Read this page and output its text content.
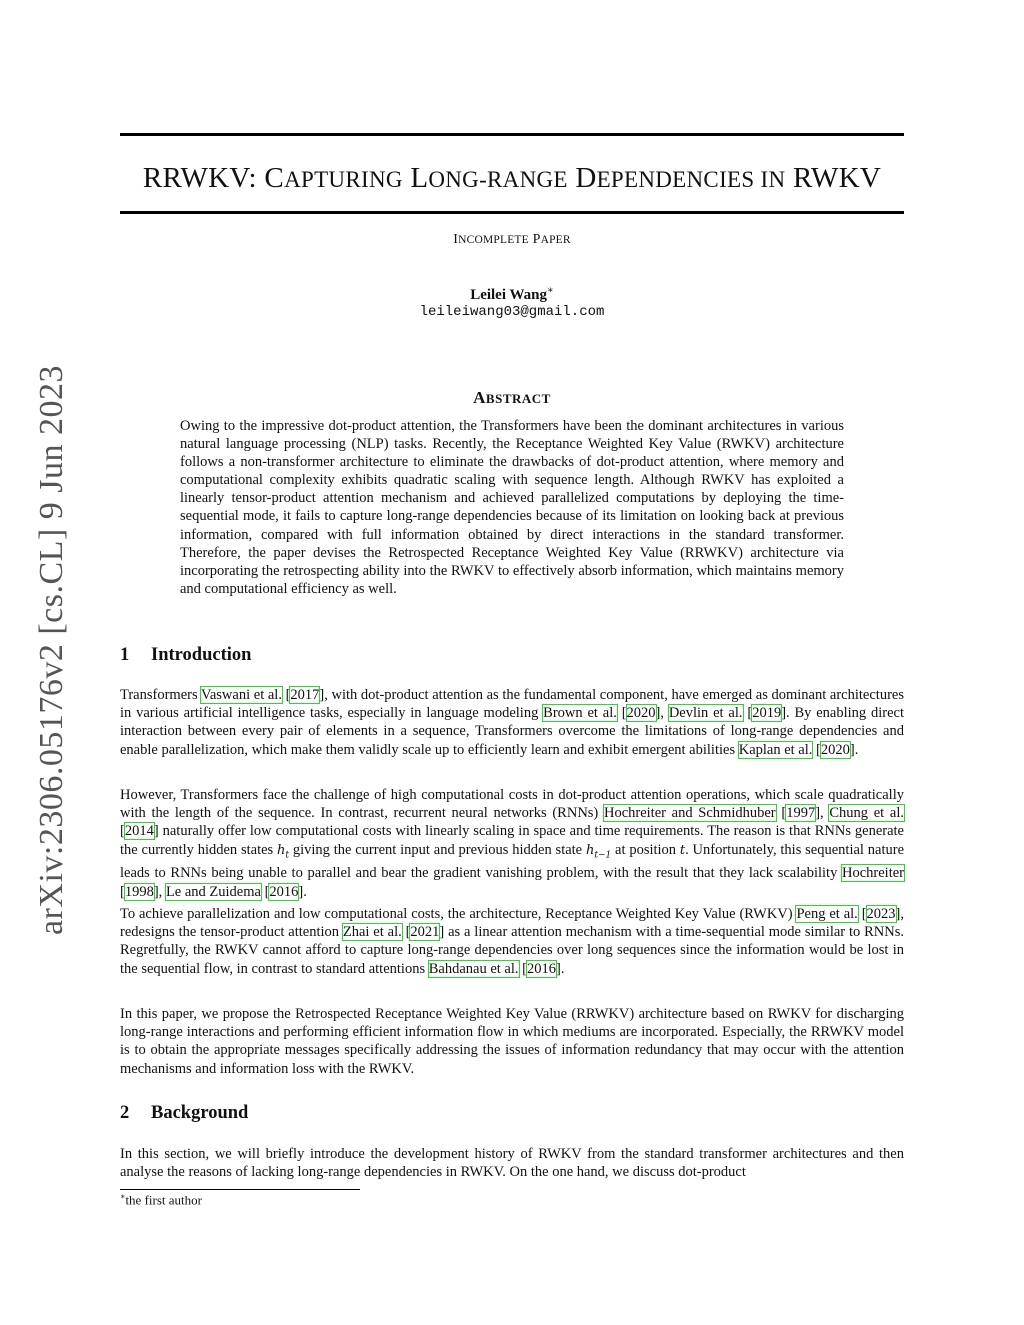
RRWKV: CAPTURING LONG-RANGE DEPENDENCIES IN RWKV
INCOMPLETE PAPER
Leilei Wang∗
leileiwang03@gmail.com
arXiv:2306.05176v2 [cs.CL] 9 Jun 2023	ABSTRACT

Owing to the impressive dot-product attention, the Transformers have been the dominant architectures in various natural language processing (NLP) tasks. Recently, the Receptance Weighted Key Value (RWKV) architecture follows a non-transformer architecture to eliminate the drawbacks of dot-product attention, where memory and computational complexity exhibits quadratic scaling with sequence length. Although RWKV has exploited a linearly tensor-product attention mechanism and achieved parallelized computations by deploying the time-sequential mode, it fails to capture long-range dependencies because of its limitation on looking back at previous information, compared with full information obtained by direct interactions in the standard transformer. Therefore, the paper devises the Retrospected Receptance Weighted Key Value (RRWKV) architecture via incorporating the retrospecting ability into the RWKV to effectively absorb information, which maintains memory and computational efficiency as well.

1 Introduction

Transformers Vaswani et al. [2017], with dot-product attention as the fundamental component, have emerged as dominant architectures in various artificial intelligence tasks, especially in language modeling Brown et al. [2020], Devlin et al. [2019]. By enabling direct interaction between every pair of elements in a sequence, Transformers overcome the limitations of long-range dependencies and enable parallelization, which make them validly scale up to efficiently learn and exhibit emergent abilities Kaplan et al. [2020].

However, Transformers face the challenge of high computational costs in dot-product attention operations, which scale quadratically with the length of the sequence. In contrast, recurrent neural networks (RNNs) Hochreiter and Schmidhuber [1997], Chung et al. [2014] naturally offer low computational costs with linearly scaling in space and time requirements. The reason is that RNNs generate the currently hidden states $h_t$ giving the current input and previous hidden state $h_{t-1}$ at position t. Unfortunately, this sequential nature leads to RNNs being unable to parallel and bear the gradient vanishing problem, with the result that they lack scalability Hochreiter [1998], Le and Zuidema [2016].

To achieve parallelization and low computational costs, the architecture, Receptance Weighted Key Value (RWKV) Peng et al. [2023], redesigns the tensor-product attention Zhai et al. [2021] as a linear attention mechanism with a time-sequential mode similar to RNNs. Regretfully, the RWKV cannot afford to capture long-range dependencies over long sequences since the information would be lost in the sequential flow, in contrast to standard attentions Bahdanau et al. [2016].

In this paper, we propose the Retrospected Receptance Weighted Key Value (RRWKV) architecture based on RWKV for discharging long-range interactions and performing efficient information flow in which mediums are incorporated. Especially, the RRWKV model is to obtain the appropriate messages specifically addressing the issues of information redundancy that may occur with the attention mechanisms and information loss with the RWKV.

2 Background

In this section, we will briefly introduce the development history of RWKV from the standard transformer architectures and then analyse the reasons of lacking long-range dependencies in RWKV. On the one hand, we discuss dot-product

∗the first author
